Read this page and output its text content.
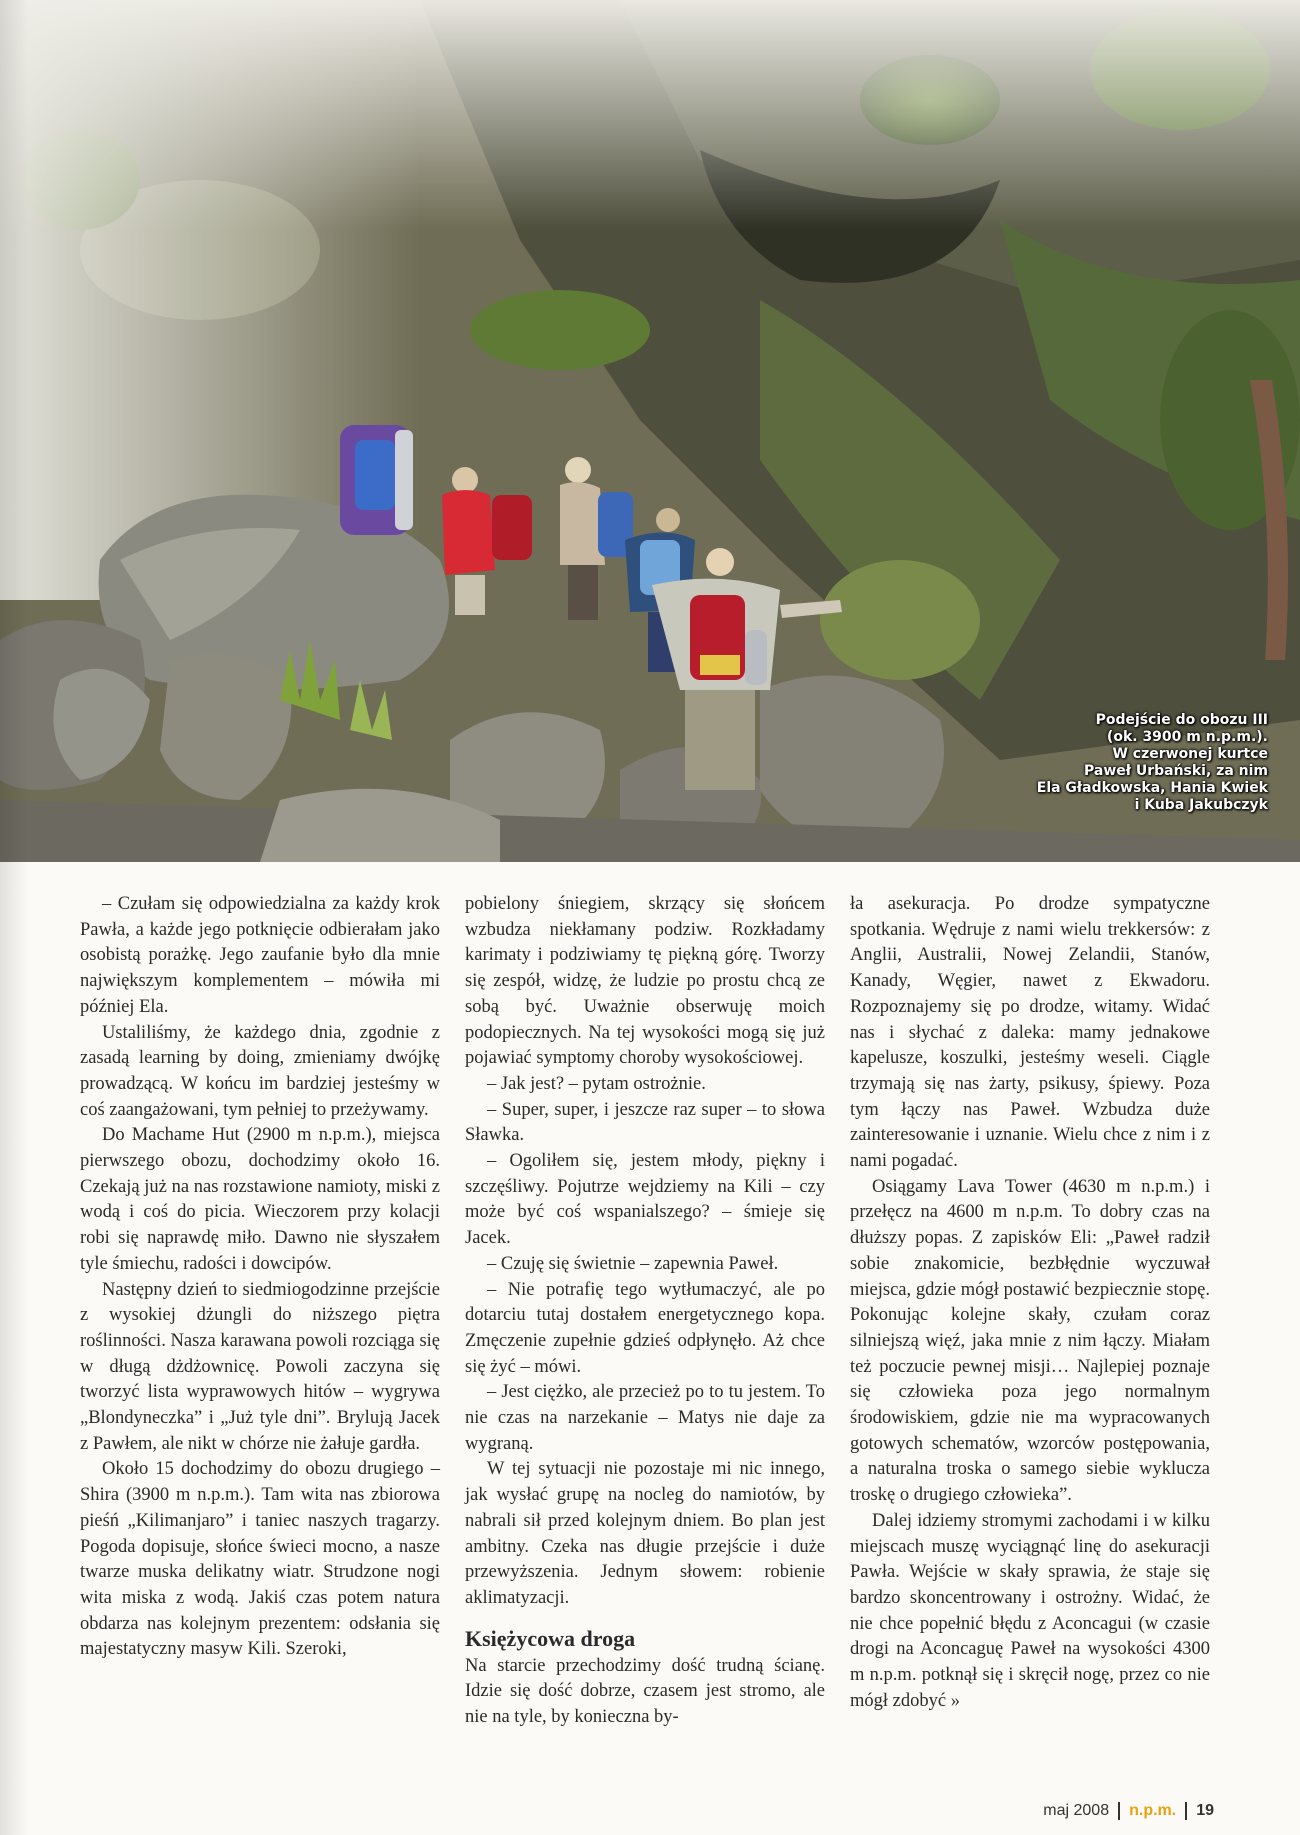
Podejście do obozu III
(ok. 3900 m n.p.m.).
W czerwonej kurtce
Paweł Urbański, za nim
Ela Gładkowska, Hania Kwiek
i Kuba Jakubczyk

– Czułam się odpowiedzialna za każdy krok Pawła, a każde jego potknięcie odbierałam jako osobistą porażkę. Jego zaufanie było dla mnie największym komplementem – mówiła mi później Ela.

Ustaliliśmy, że każdego dnia, zgodnie z zasadą learning by doing, zmieniamy dwójkę prowadzącą. W końcu im bardziej jesteśmy w coś zaangażowani, tym pełniej to przeżywamy.

Do Machame Hut (2900 m n.p.m.), miejsca pierwszego obozu, dochodzimy około 16. Czekają już na nas rozstawione namioty, miski z wodą i coś do picia. Wieczorem przy kolacji robi się naprawdę miło. Dawno nie słyszałem tyle śmiechu, radości i dowcipów.

Następny dzień to siedmiogodzinne przejście z wysokiej dżungli do niższego piętra roślinności. Nasza karawana powoli rozciąga się w długą dżdżownicę. Powoli zaczyna się tworzyć lista wyprawowych hitów – wygrywa „Blondyneczka” i „Już tyle dni”. Brylują Jacek z Pawłem, ale nikt w chórze nie żałuje gardła.

Około 15 dochodzimy do obozu drugiego – Shira (3900 m n.p.m.). Tam wita nas zbiorowa pieśń „Kilimanjaro” i taniec naszych tragarzy. Pogoda dopisuje, słońce świeci mocno, a nasze twarze muska delikatny wiatr. Strudzone nogi wita miska z wodą. Jakiś czas potem natura obdarza nas kolejnym prezentem: odsłania się majestatyczny masyw Kili. Szeroki,

pobielony śniegiem, skrzący się słońcem wzbudza niekłamany podziw. Rozkładamy karimaty i podziwiamy tę piękną górę. Tworzy się zespół, widzę, że ludzie po prostu chcą ze sobą być. Uważnie obserwuję moich podopiecznych. Na tej wysokości mogą się już pojawiać symptomy choroby wysokościowej.

– Jak jest? – pytam ostrożnie.

– Super, super, i jeszcze raz super – to słowa Sławka.

– Ogoliłem się, jestem młody, piękny i szczęśliwy. Pojutrze wejdziemy na Kili – czy może być coś wspanialszego? – śmieje się Jacek.

– Czuję się świetnie – zapewnia Paweł.

– Nie potrafię tego wytłumaczyć, ale po dotarciu tutaj dostałem energetycznego kopa. Zmęczenie zupełnie gdzieś odpłynęło. Aż chce się żyć – mówi.

– Jest ciężko, ale przecież po to tu jestem. To nie czas na narzekanie – Matys nie daje za wygraną.

W tej sytuacji nie pozostaje mi nic innego, jak wysłać grupę na nocleg do namiotów, by nabrali sił przed kolejnym dniem. Bo plan jest ambitny. Czeka nas długie przejście i duże przewyższenia. Jednym słowem: robienie aklimatyzacji.

Księżycowa droga

Na starcie przechodzimy dość trudną ścianę. Idzie się dość dobrze, czasem jest stromo, ale nie na tyle, by konieczna by-

ła asekuracja. Po drodze sympatyczne spotkania. Wędruje z nami wielu trekkersów: z Anglii, Australii, Nowej Zelandii, Stanów, Kanady, Węgier, nawet z Ekwadoru. Rozpoznajemy się po drodze, witamy. Widać nas i słychać z daleka: mamy jednakowe kapelusze, koszulki, jesteśmy weseli. Ciągle trzymają się nas żarty, psikusy, śpiewy. Poza tym łączy nas Paweł. Wzbudza duże zainteresowanie i uznanie. Wielu chce z nim i z nami pogadać.

Osiągamy Lava Tower (4630 m n.p.m.) i przełęcz na 4600 m n.p.m. To dobry czas na dłuższy popas. Z zapisków Eli: „Paweł radził sobie znakomicie, bezbłędnie wyczuwał miejsca, gdzie mógł postawić bezpiecznie stopę. Pokonując kolejne skały, czułam coraz silniejszą więź, jaka mnie z nim łączy. Miałam też poczucie pewnej misji… Najlepiej poznaje się człowieka poza jego normalnym środowiskiem, gdzie nie ma wypracowanych gotowych schematów, wzorców postępowania, a naturalna troska o samego siebie wyklucza troskę o drugiego człowieka”.

Dalej idziemy stromymi zachodami i w kilku miejscach muszę wyciągnąć linę do asekuracji Pawła. Wejście w skały sprawia, że staje się bardzo skoncentrowany i ostrożny. Widać, że nie chce popełnić błędu z Aconcagui (w czasie drogi na Aconcaguę Paweł na wysokości 4300 m n.p.m. potknął się i skręcił nogę, przez co nie mógł zdobyć »

maj 2008 n.p.m. 19
